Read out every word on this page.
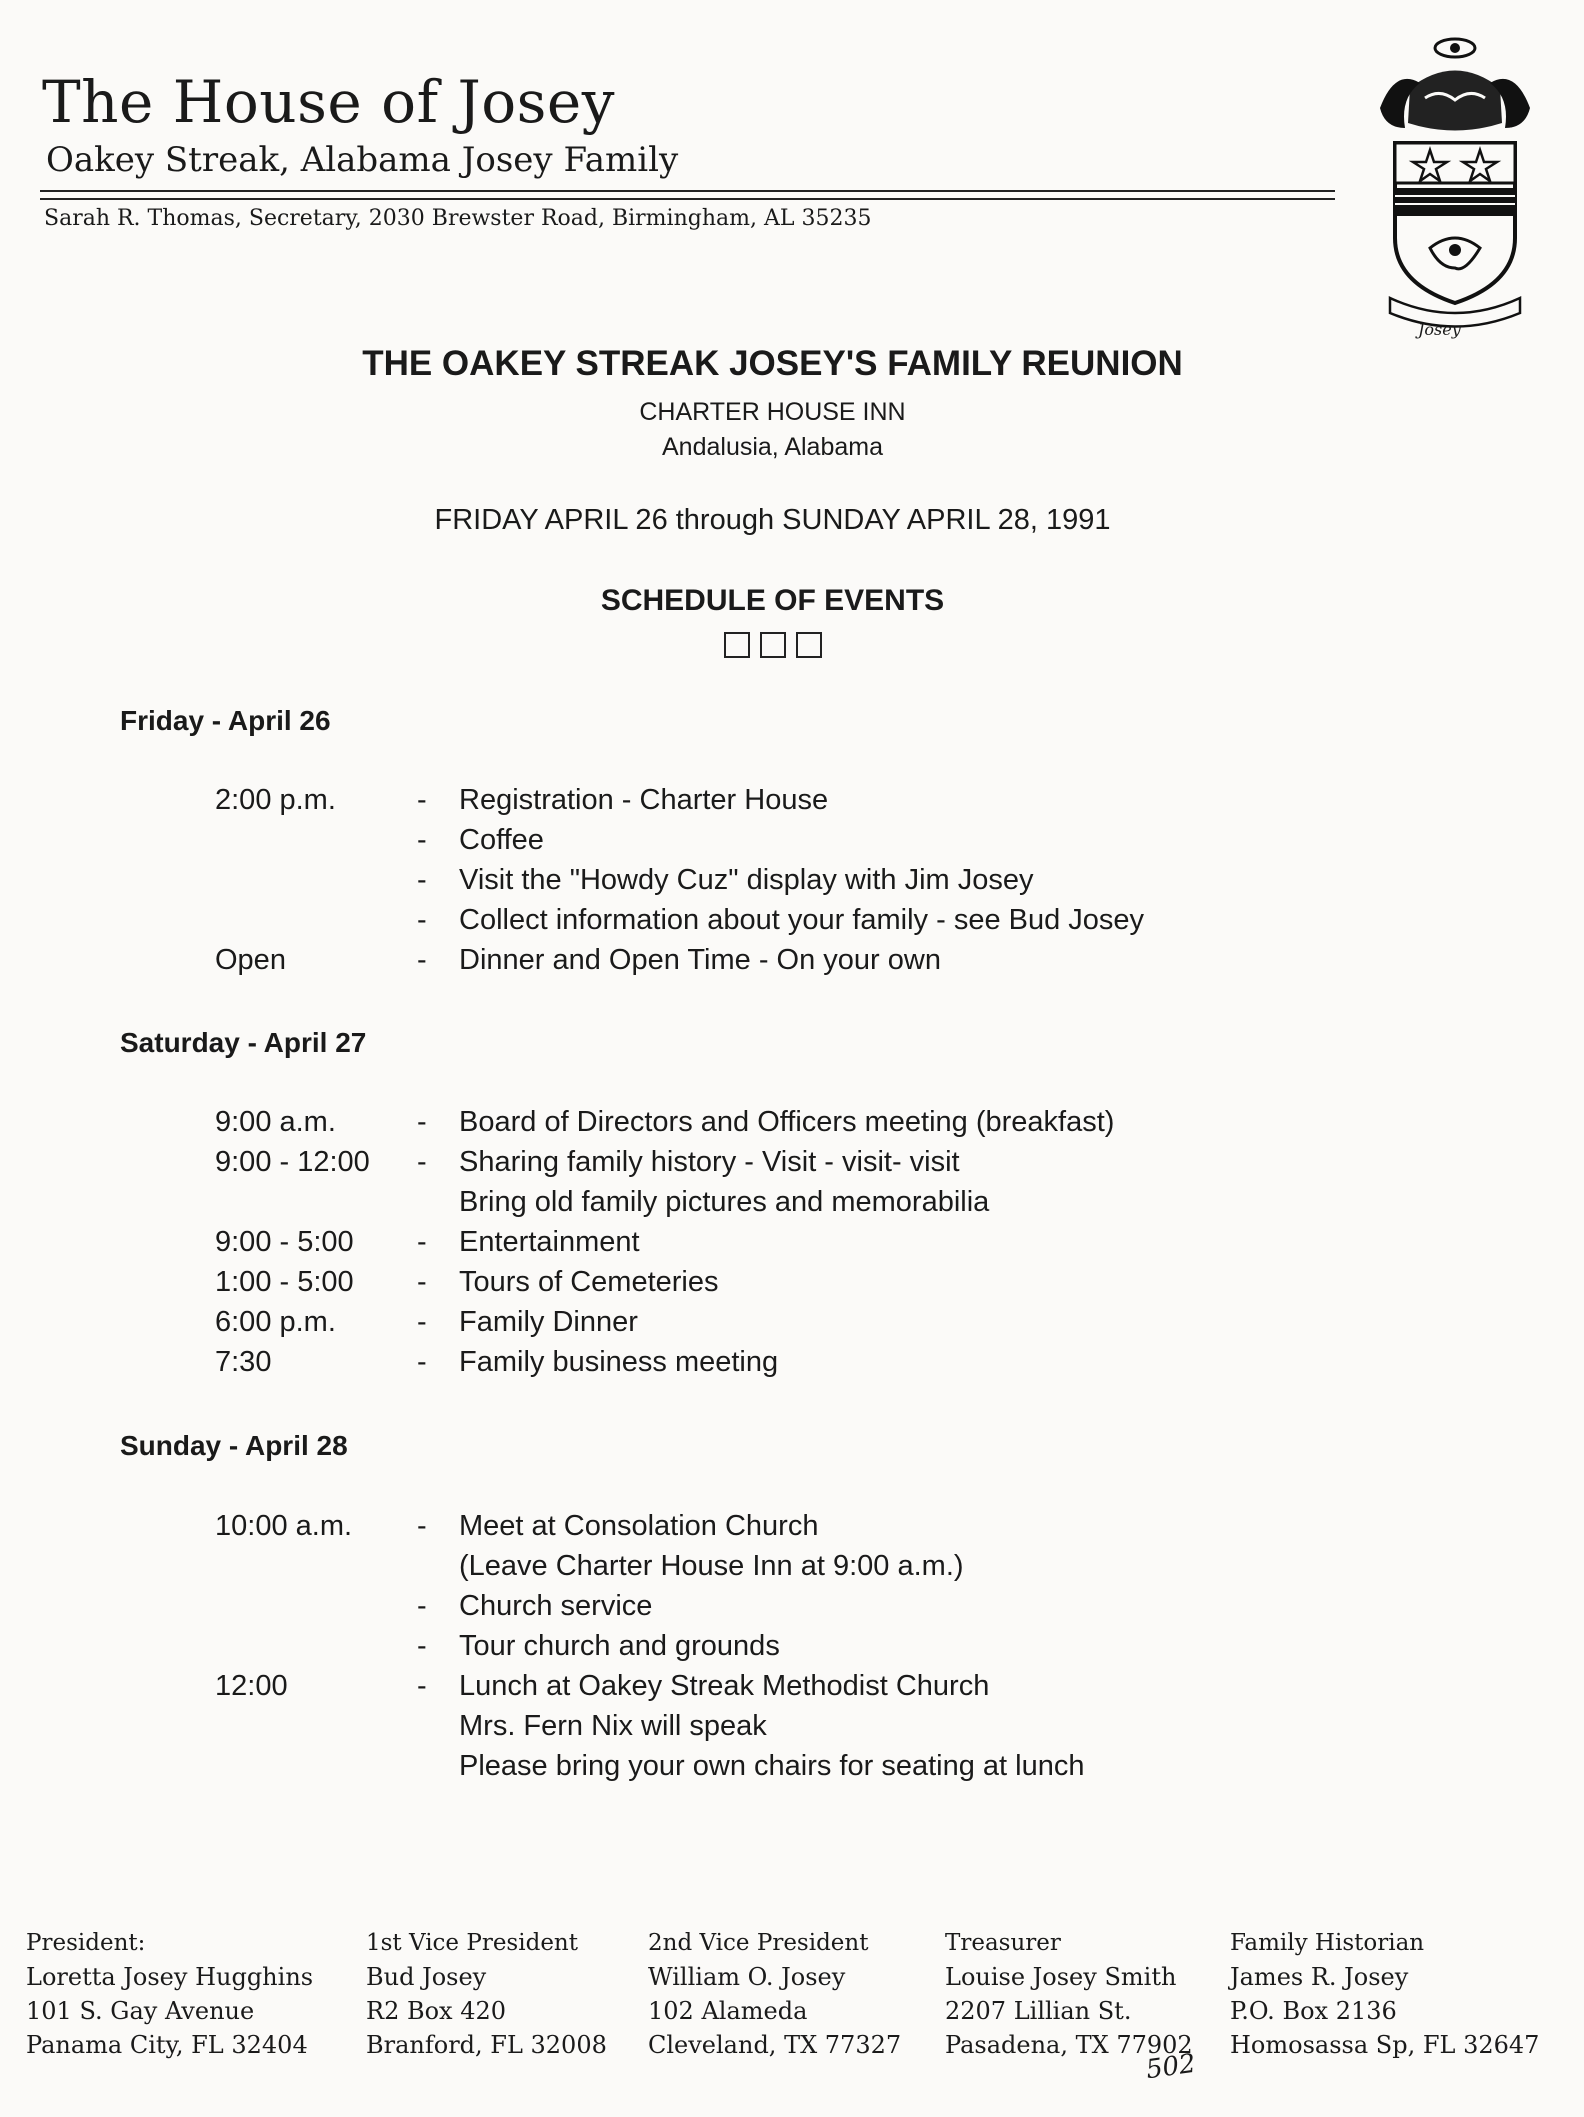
The House of Josey
Oakey Streak, Alabama Josey Family
Sarah R. Thomas, Secretary, 2030 Brewster Road, Birmingham, AL 35235
Josey
THE OAKEY STREAK JOSEY'S FAMILY REUNION
CHARTER HOUSE INN
Andalusia, Alabama
FRIDAY APRIL 26 through SUNDAY APRIL 28, 1991
SCHEDULE OF EVENTS
Friday - April 26
2:00 p.m.	- Registration - Charter House
- Coffee
- Visit the "Howdy Cuz" display with Jim Josey
- Collect information about your family - see Bud Josey
Open	- Dinner and Open Time - On your own
Saturday - April 27
9:00 a.m.	- Board of Directors and Officers meeting (breakfast)
9:00 - 12:00 - Sharing family history - Visit - visit- visit
Bring old family pictures and memorabilia
9:00 - 5:00 - Entertainment
1:00 - 5:00 - Tours of Cemeteries
6:00 p.m.	- Family Dinner
7:30	- Family business meeting
Sunday - April 28
10:00 a.m. - Meet at Consolation Church
(Leave Charter House Inn at 9:00 a.m.)
- Church service
- Tour church and grounds
12:00	- Lunch at Oakey Streak Methodist Church
Mrs. Fern Nix will speak
Please bring your own chairs for seating at lunch
President:
Loretta Josey Hugghins
101 S. Gay Avenue
Panama City, FL 32404
1st Vice President
Bud Josey
R2 Box 420
Branford, FL 32008
2nd Vice President
William O. Josey
102 Alameda
Cleveland, TX 77327
Treasurer
Louise Josey Smith
2207 Lillian St.
Pasadena, TX 77902
Family Historian
James R. Josey
P.O. Box 2136
Homosassa Sp, FL 32647
502
